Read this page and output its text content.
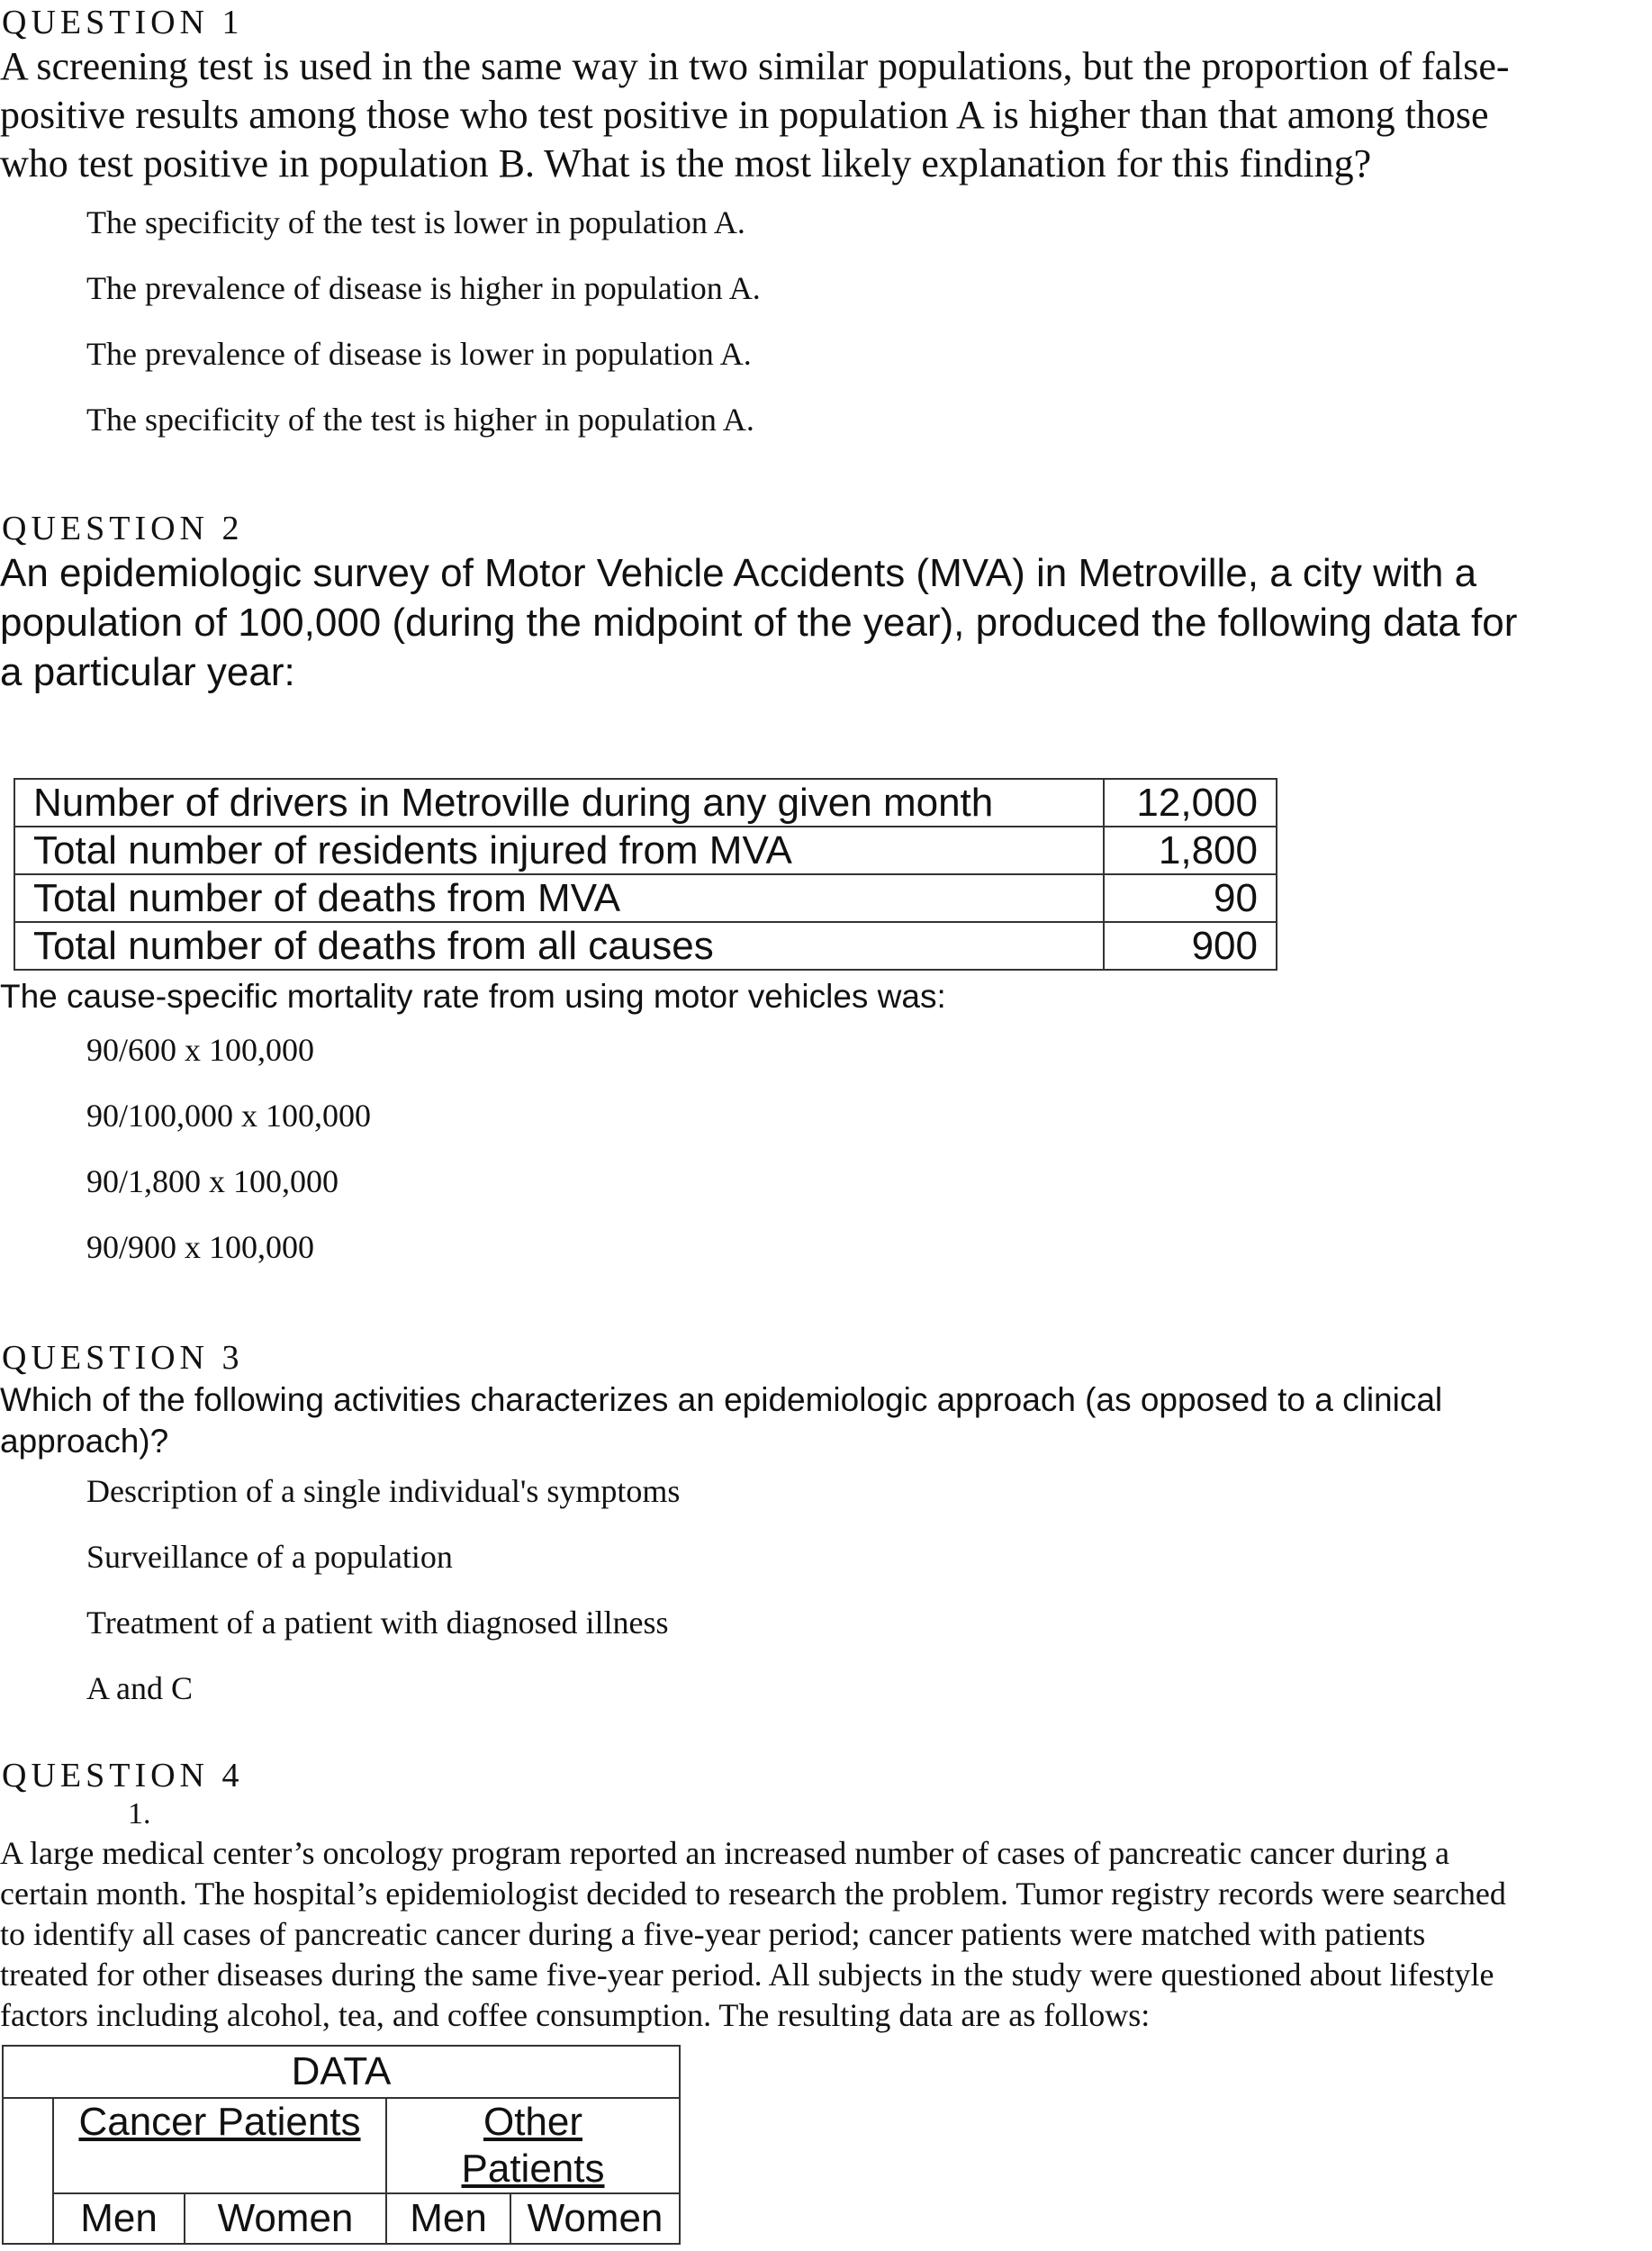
QUESTION 1

A screening test is used in the same way in two similar populations, but the proportion of false-
positive results among those who test positive in population A is higher than that among those
who test positive in population B. What is the most likely explanation for this finding?

The specificity of the test is lower in population A.
The prevalence of disease is higher in population A.
The prevalence of disease is lower in population A.
The specificity of the test is higher in population A.
QUESTION 2

An epidemiologic survey of Motor Vehicle Accidents (MVA) in Metroville, a city with a
population of 100,000 (during the midpoint of the year), produced the following data for
a particular year:

Number of drivers in Metroville during any given month	12,000
Total number of residents injured from MVA	1,800
Total number of deaths from MVA	90
Total number of deaths from all causes	900

The cause-specific mortality rate from using motor vehicles was:

90/600 x 100,000
90/100,000 x 100,000
90/1,800 x 100,000
90/900 x 100,000
QUESTION 3

Which of the following activities characterizes an epidemiologic approach (as opposed to a clinical
approach)?

Description of a single individual's symptoms
Surveillance of a population
Treatment of a patient with diagnosed illness
A and C
QUESTION 4
1.

A large medical center’s oncology program reported an increased number of cases of pancreatic cancer during a
certain month. The hospital’s epidemiologist decided to research the problem. Tumor registry records were searched
to identify all cases of pancreatic cancer during a five-year period; cancer patients were matched with patients
treated for other diseases during the same five-year period. All subjects in the study were questioned about lifestyle
factors including alcohol, tea, and coffee consumption. The resulting data are as follows:

DATA				
	Cancer Patients		Other
Patients	

	Men	Women	Men	Women
